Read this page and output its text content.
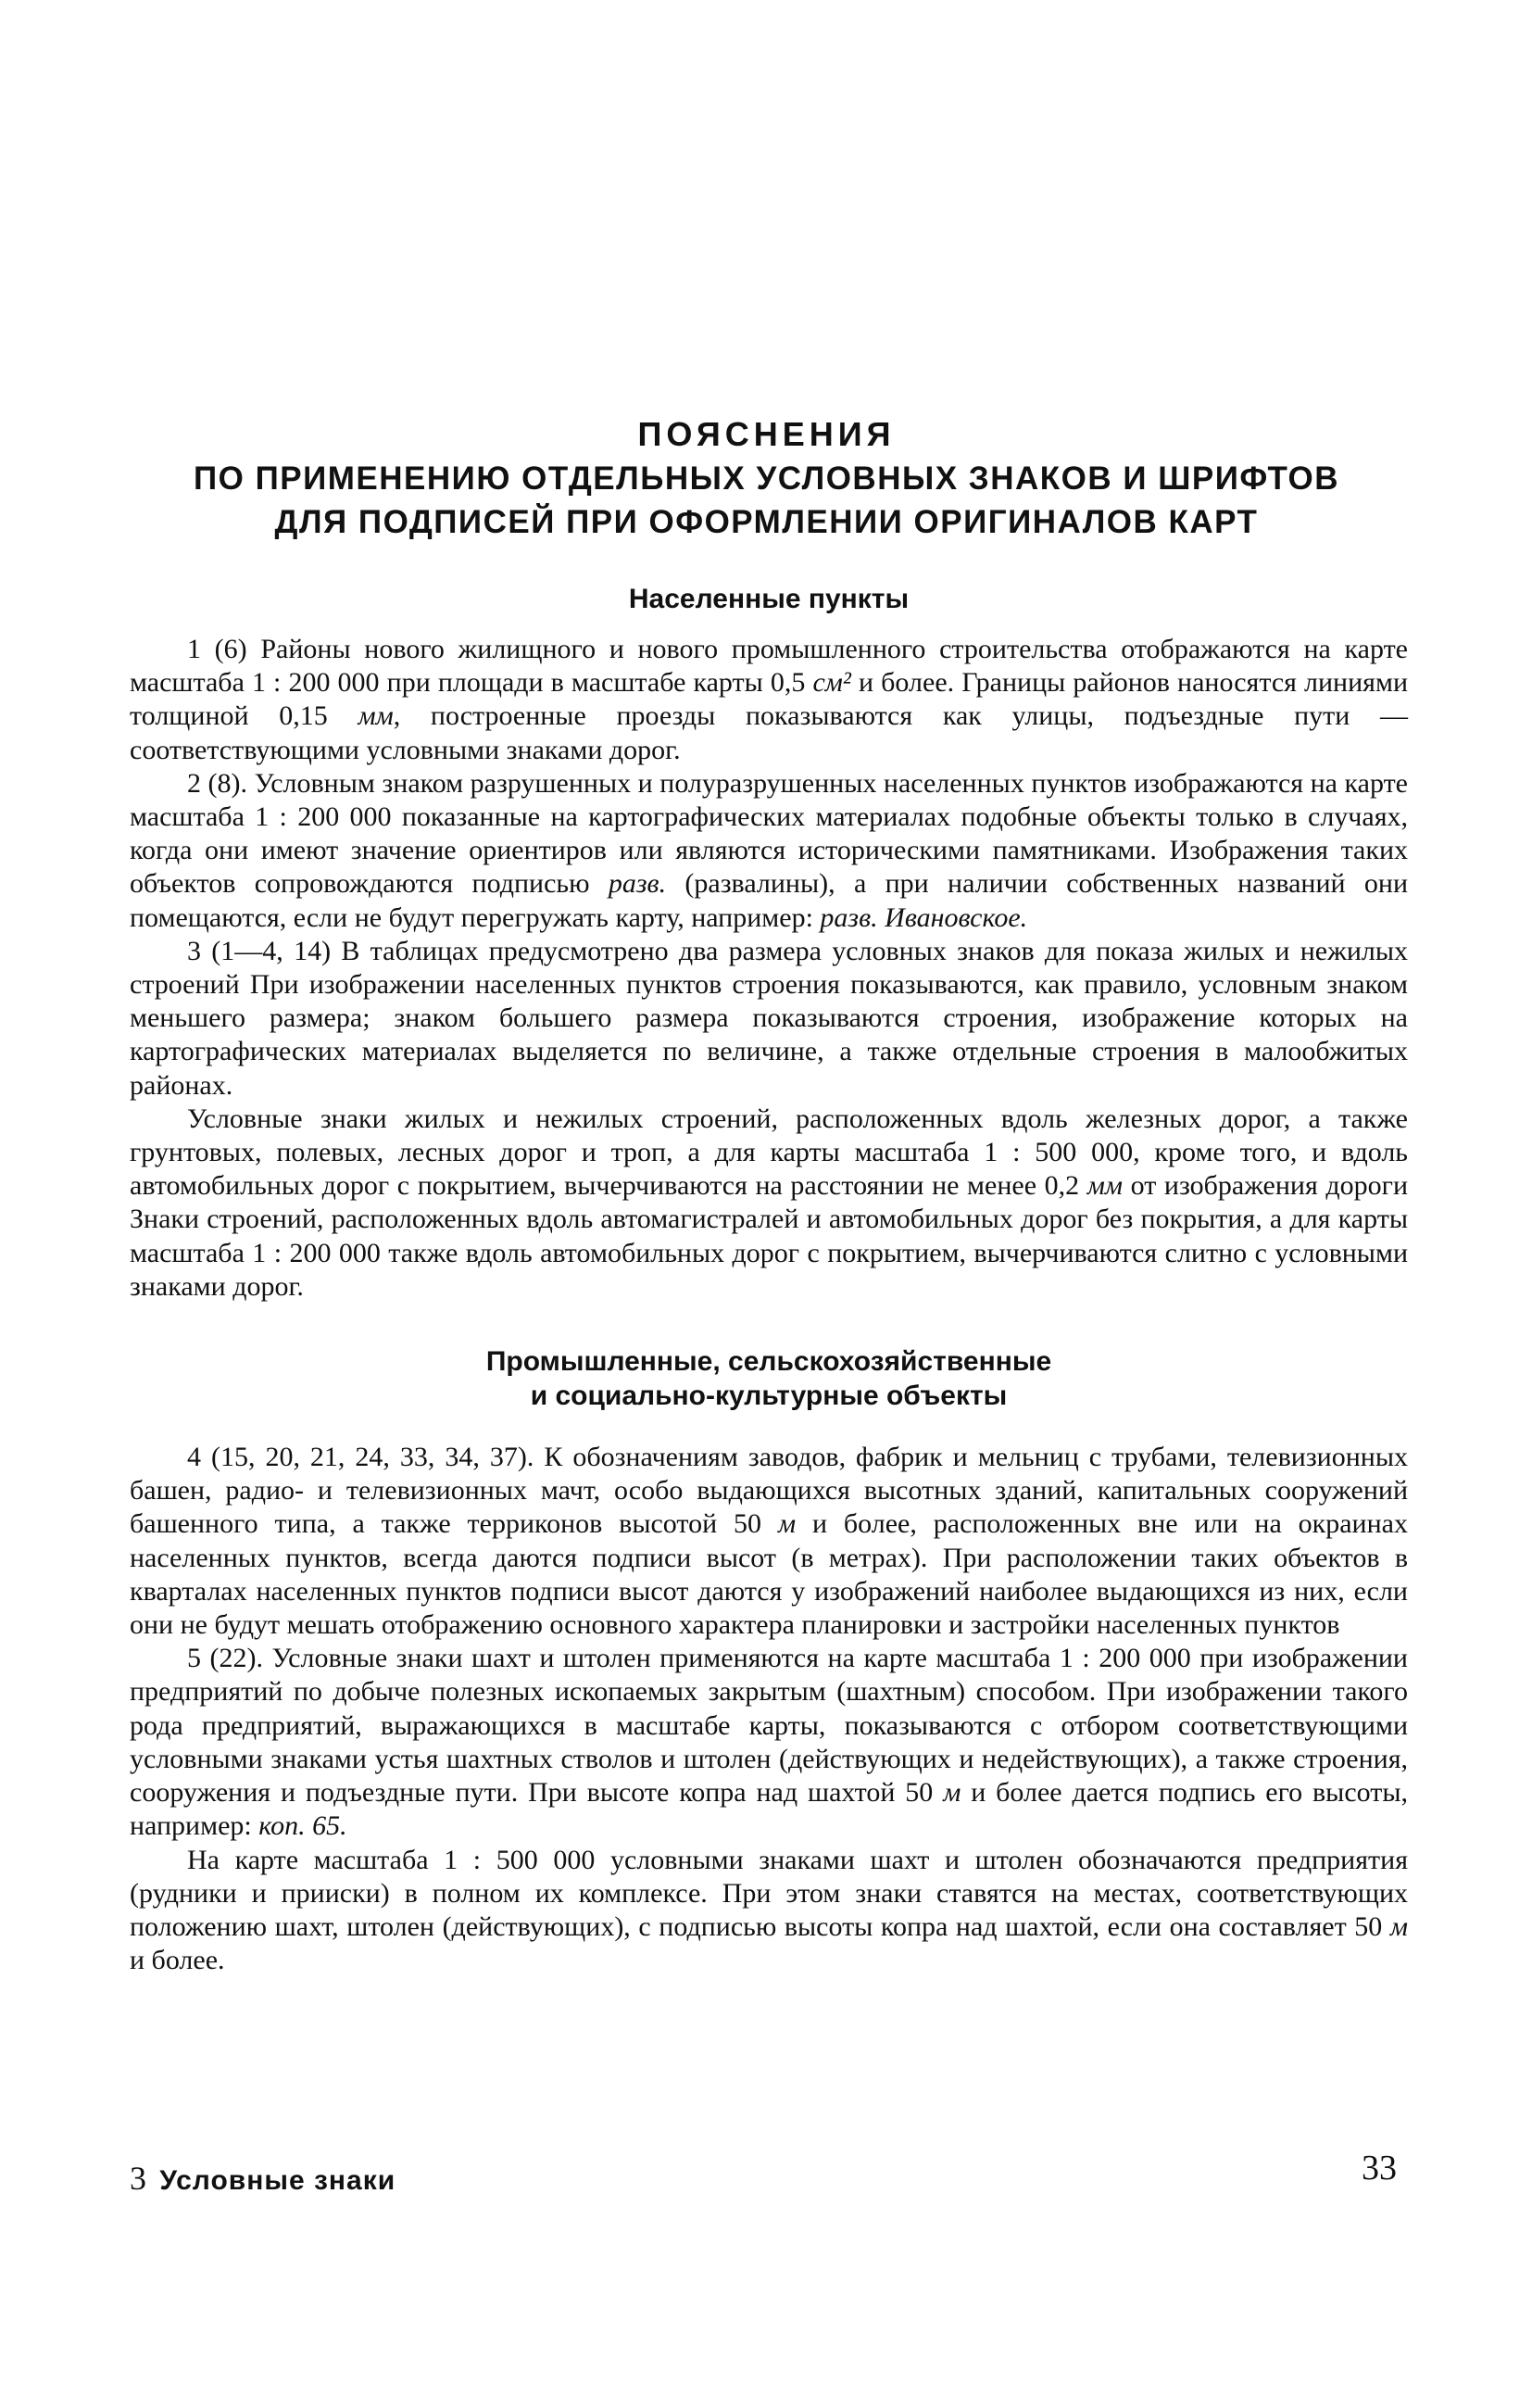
ПОЯСНЕНИЯ

ПО ПРИМЕНЕНИЮ ОТДЕЛЬНЫХ УСЛОВНЫХ ЗНАКОВ И ШРИФТОВ

ДЛЯ ПОДПИСЕЙ ПРИ ОФОРМЛЕНИИ ОРИГИНАЛОВ КАРТ

Населенные пункты

1 (6) Районы нового жилищного и нового промышленного строительства отображаются на карте масштаба 1 : 200 000 при площади в масштабе карты 0,5 см² и более. Границы районов наносятся линиями толщиной 0,15 мм, построенные проезды показываются как улицы, подъездные пути — соответствующими условными знаками дорог.

2 (8). Условным знаком разрушенных и полуразрушенных населенных пунктов изображаются на карте масштаба 1 : 200 000 показанные на картографических материалах подобные объекты только в случаях, когда они имеют значение ориентиров или являются историческими памятниками. Изображения таких объектов сопровождаются подписью разв. (развалины), а при наличии собственных названий они помещаются, если не будут перегружать карту, например: разв. Ивановское.

3 (1—4, 14) В таблицах предусмотрено два размера условных знаков для показа жилых и нежилых строений При изображении населенных пунктов строения показываются, как правило, условным знаком меньшего размера; знаком большего размера показываются строения, изображение которых на картографических материалах выделяется по величине, а также отдельные строения в малообжитых районах.

Условные знаки жилых и нежилых строений, расположенных вдоль железных дорог, а также грунтовых, полевых, лесных дорог и троп, а для карты масштаба 1 : 500 000, кроме того, и вдоль автомобильных дорог с покрытием, вычерчиваются на расстоянии не менее 0,2 мм от изображения дороги Знаки строений, расположенных вдоль автомагистралей и автомобильных дорог без покрытия, а для карты масштаба 1 : 200 000 также вдоль автомобильных дорог с покрытием, вычерчиваются слитно с условными знаками дорог.

Промышленные, сельскохозяйственные

и социально-культурные объекты

4 (15, 20, 21, 24, 33, 34, 37). К обозначениям заводов, фабрик и мельниц с трубами, телевизионных башен, радио- и телевизионных мачт, особо выдающихся высотных зданий, капитальных сооружений башенного типа, а также терриконов высотой 50 м и более, расположенных вне или на окраинах населенных пунктов, всегда даются подписи высот (в метрах). При расположении таких объектов в кварталах населенных пунктов подписи высот даются у изображений наиболее выдающихся из них, если они не будут мешать отображению основного характера планировки и застройки населенных пунктов

5 (22). Условные знаки шахт и штолен применяются на карте масштаба 1 : 200 000 при изображении предприятий по добыче полезных ископаемых закрытым (шахтным) способом. При изображении такого рода предприятий, выражающихся в масштабе карты, показываются с отбором соответствующими условными знаками устья шахтных стволов и штолен (действующих и недействующих), а также строения, сооружения и подъездные пути. При высоте копра над шахтой 50 м и более дается подпись его высоты, например: коп. 65.

На карте масштаба 1 : 500 000 условными знаками шахт и штолен обозначаются предприятия (рудники и прииски) в полном их комплексе. При этом знаки ставятся на местах, соответствующих положению шахт, штолен (действующих), с подписью высоты копра над шахтой, если она составляет 50 м и более.

3 Условные знаки	33
